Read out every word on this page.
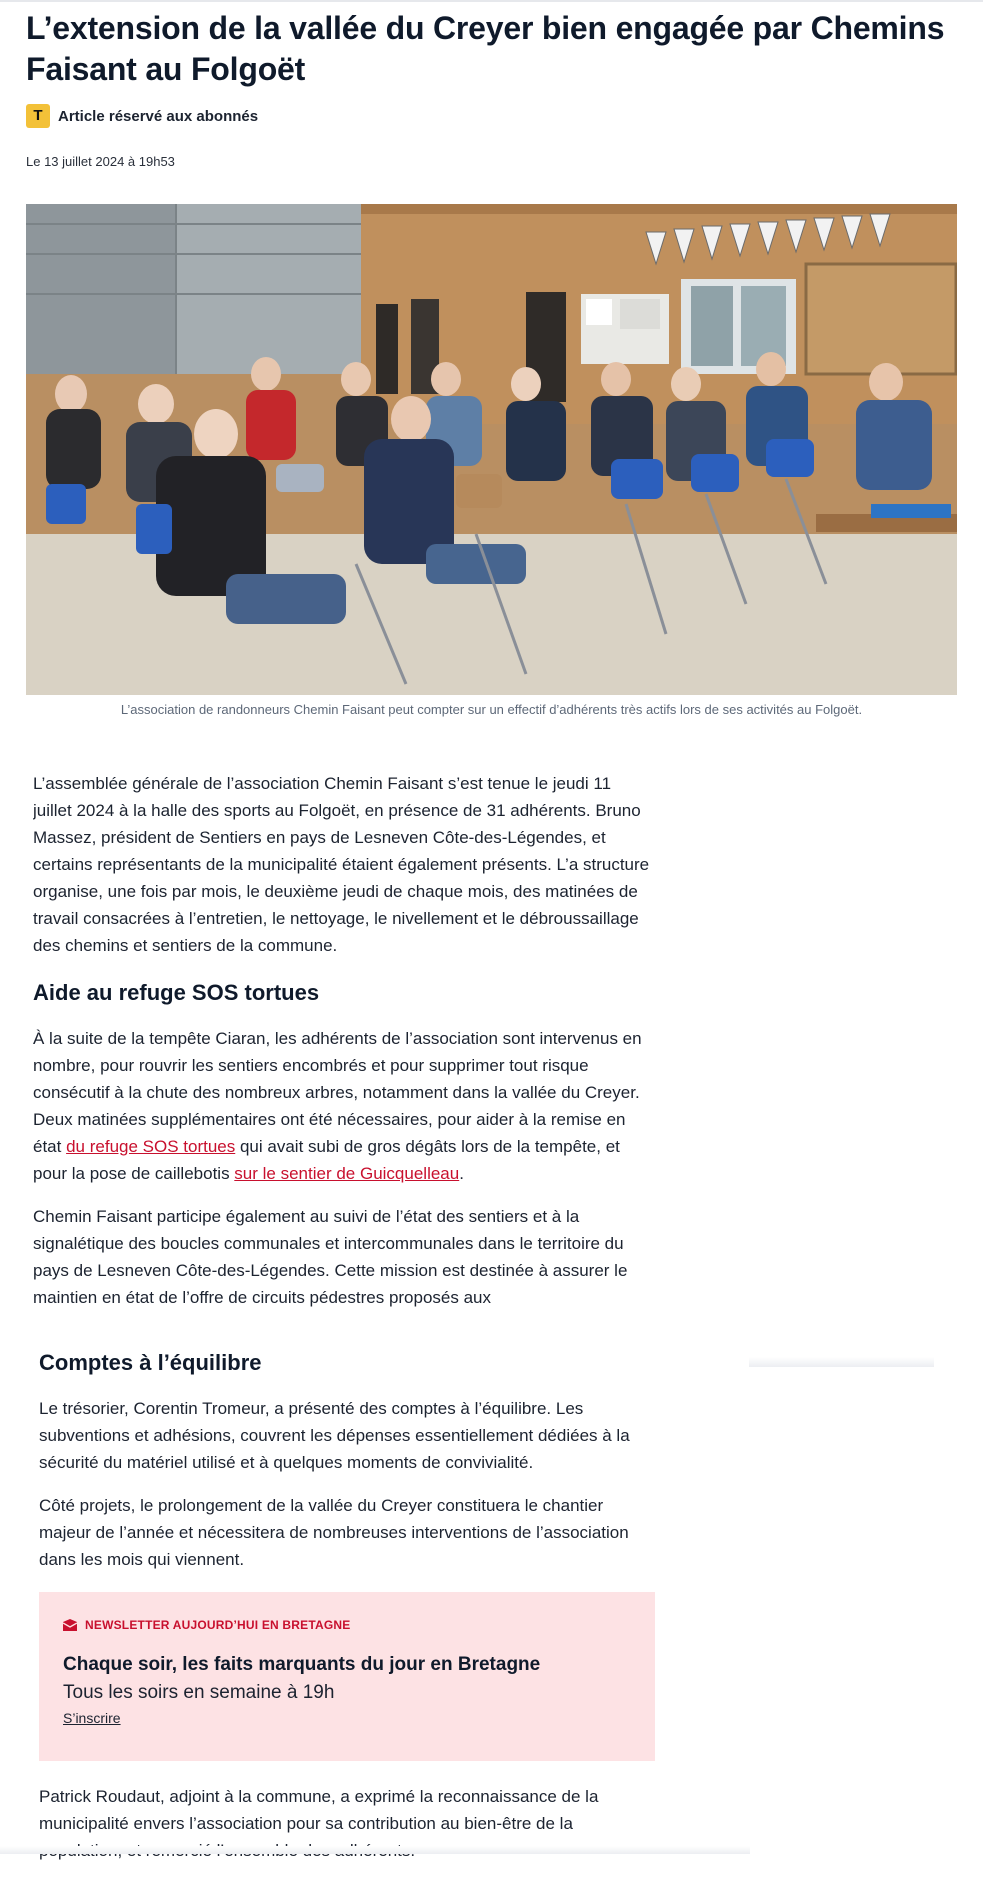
L’extension de la vallée du Creyer bien engagée par Chemins Faisant au Folgoët
T	Article réservé aux abonnés
Le 13 juillet 2024 à 19h53
L’association de randonneurs Chemin Faisant peut compter sur un effectif d’adhérents très actifs lors de ses activités au Folgoët.

L’assemblée générale de l’association Chemin Faisant s’est tenue le jeudi 11 juillet 2024 à la halle des sports au Folgoët, en présence de 31 adhérents. Bruno Massez, président de Sentiers en pays de Lesneven Côte-des-Légendes, et certains représentants de la municipalité étaient également présents. L’a structure organise, une fois par mois, le deuxième jeudi de chaque mois, des matinées de travail consacrées à l’entretien, le nettoyage, le nivellement et le débroussaillage des chemins et sentiers de la commune.

Aide au refuge SOS tortues

À la suite de la tempête Ciaran, les adhérents de l’association sont intervenus en nombre, pour rouvrir les sentiers encombrés et pour supprimer tout risque consécutif à la chute des nombreux arbres, notamment dans la vallée du Creyer. Deux matinées supplémentaires ont été nécessaires, pour aider à la remise en état du refuge SOS tortues qui avait subi de gros dégâts lors de la tempête, et pour la pose de caillebotis sur le sentier de Guicquelleau.

Chemin Faisant participe également au suivi de l’état des sentiers et à la signalétique des boucles communales et intercommunales dans le territoire du pays de Lesneven Côte-des-Légendes. Cette mission est destinée à assurer le maintien en état de l’offre de circuits pédestres proposés aux

Comptes à l’équilibre

Le trésorier, Corentin Tromeur, a présenté des comptes à l’équilibre. Les subventions et adhésions, couvrent les dépenses essentiellement dédiées à la sécurité du matériel utilisé et à quelques moments de convivialité.

Côté projets, le prolongement de la vallée du Creyer constituera le chantier majeur de l’année et nécessitera de nombreuses interventions de l’association dans les mois qui viennent.

NEWSLETTER AUJOURD’HUI EN BRETAGNE
Chaque soir, les faits marquants du jour en Bretagne
Tous les soirs en semaine à 19h
S’inscrire

Patrick Roudaut, adjoint à la commune, a exprimé la reconnaissance de la municipalité envers l’association pour sa contribution au bien-être de la
